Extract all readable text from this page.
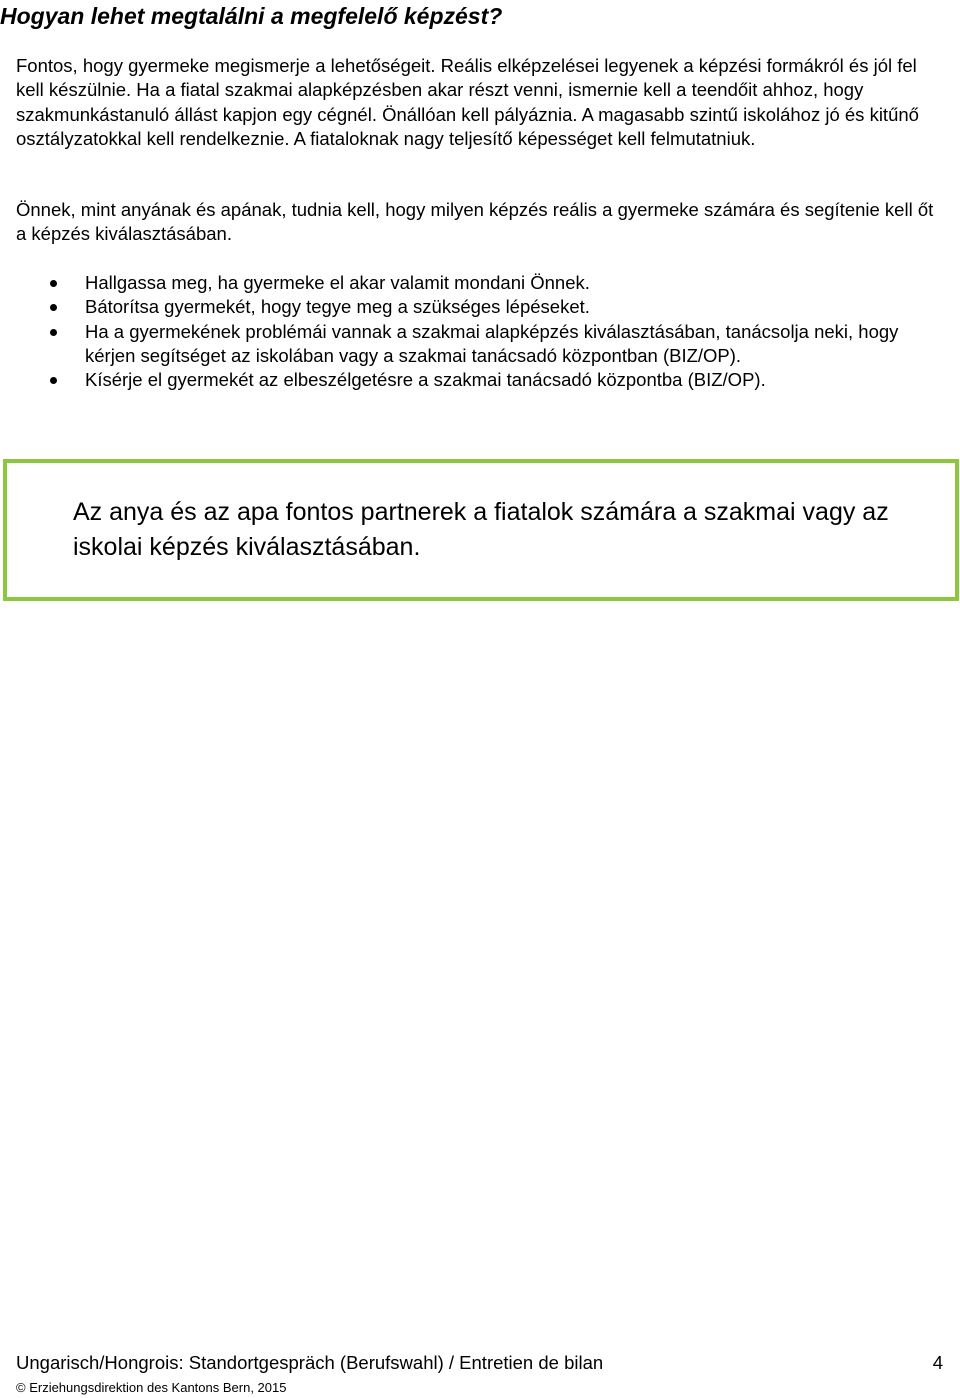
Hogyan lehet megtalálni a megfelelő képzést?

Fontos, hogy gyermeke megismerje a lehetőségeit. Reális elképzelései legyenek a képzési formákról és jól fel kell készülnie. Ha a fiatal szakmai alapképzésben akar részt venni, ismernie kell a teendőit ahhoz, hogy szakmunkástanuló állást kapjon egy cégnél. Önállóan kell pályáznia. A magasabb szintű iskolához jó és kitűnő osztályzatokkal kell rendelkeznie. A fiataloknak nagy teljesítő képességet kell felmutatniuk.

Önnek, mint anyának és apának, tudnia kell, hogy milyen képzés reális a gyermeke számára és segítenie kell őt a képzés kiválasztásában.

Hallgassa meg, ha gyermeke el akar valamit mondani Önnek.
Bátorítsa gyermekét, hogy tegye meg a szükséges lépéseket.
Ha a gyermekének problémái vannak a szakmai alapképzés kiválasztásában, tanácsolja neki, hogy kérjen segítséget az iskolában vagy a szakmai tanácsadó központban (BIZ/OP).
Kísérje el gyermekét az elbeszélgetésre a szakmai tanácsadó központba (BIZ/OP).

Az anya és az apa fontos partnerek a fiatalok számára a szakmai vagy az iskolai képzés kiválasztásában.

Ungarisch/Hongrois: Standortgespräch (Berufswahl) / Entretien de bilan	4
© Erziehungsdirektion des Kantons Bern, 2015
